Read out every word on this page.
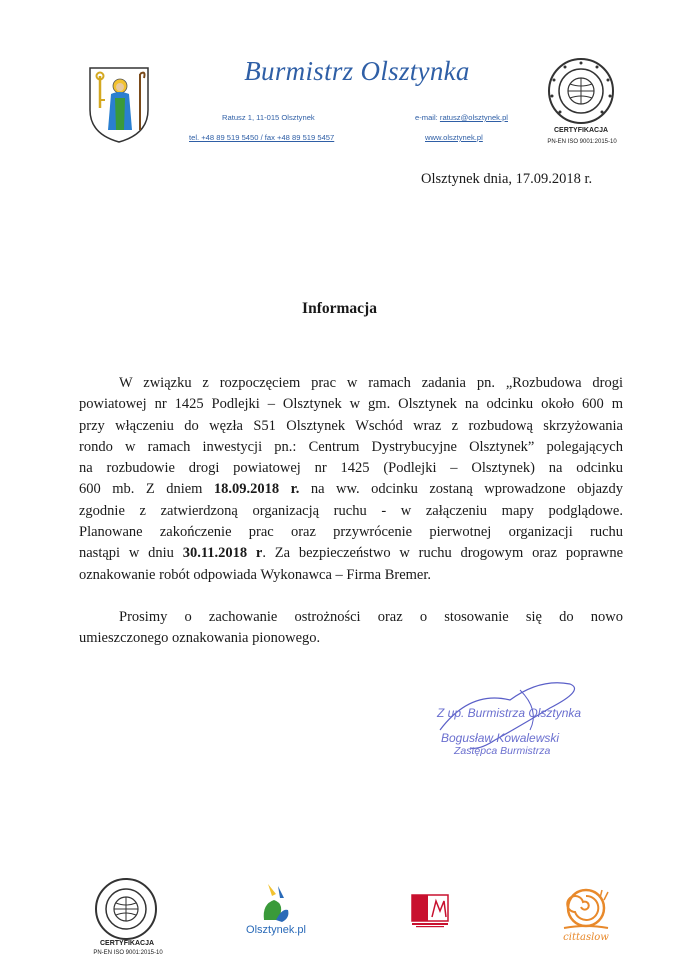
Burmistrz Olsztynka
Ratusz 1, 11-015 Olsztynek
tel. +48 89 519 5450 / fax +48 89 519 5457
e-mail: ratusz@olsztynek.pl
www.olsztynek.pl
CERTYFIKACJA
PN-EN ISO 9001:2015-10
Olsztynek dnia, 17.09.2018 r.
Informacja

W związku z rozpoczęciem prac w ramach zadania pn. „Rozbudowa drogi
powiatowej nr 1425 Podlejki – Olsztynek w gm. Olsztynek na odcinku około 600 m
przy włączeniu do węzła S51 Olsztynek Wschód wraz z rozbudową skrzyżowania
rondo w ramach inwestycji pn.: Centrum Dystrybucyjne Olsztynek” polegających
na rozbudowie drogi powiatowej nr 1425 (Podlejki – Olsztynek) na odcinku
600 mb. Z dniem 18.09.2018 r. na ww. odcinku zostaną wprowadzone objazdy
zgodnie z zatwierdzoną organizacją ruchu - w załączeniu mapy podglądowe.
Planowane zakończenie prac oraz przywrócenie pierwotnej organizacji ruchu
nastąpi w dniu 30.11.2018 r. Za bezpieczeństwo w ruchu drogowym oraz poprawne
oznakowanie robót odpowiada Wykonawca – Firma Bremer.

Prosimy o zachowanie ostrożności oraz o stosowanie się do nowo
umieszczonego oznakowania pionowego.

Z up. Burmistrza Olsztynka
Bogusław Kowalewski
Zastępca Burmistrza
CERTYFIKACJA
PN-EN ISO 9001:2015-10
Olsztynek.pl
cittaslow
